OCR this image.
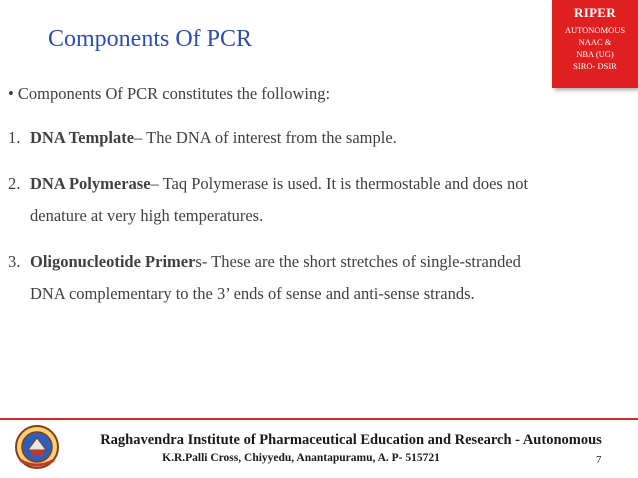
Components Of PCR
RIPER
AUTONOMOUS
NAAC &
NBA (UG)
SIRO- DSIR
• Components Of PCR constitutes the following:
1. DNA Template– The DNA of interest from the sample.
2. DNA Polymerase– Taq Polymerase is used. It is thermostable and does not
denature at very high temperatures.
3. Oligonucleotide Primers- These are the short stretches of single-stranded
DNA complementary to the 3’ ends of sense and anti-sense strands.
Raghavendra Institute of Pharmaceutical Education and Research - Autonomous
K.R.Palli Cross, Chiyyedu, Anantapuramu, A. P- 515721	7
